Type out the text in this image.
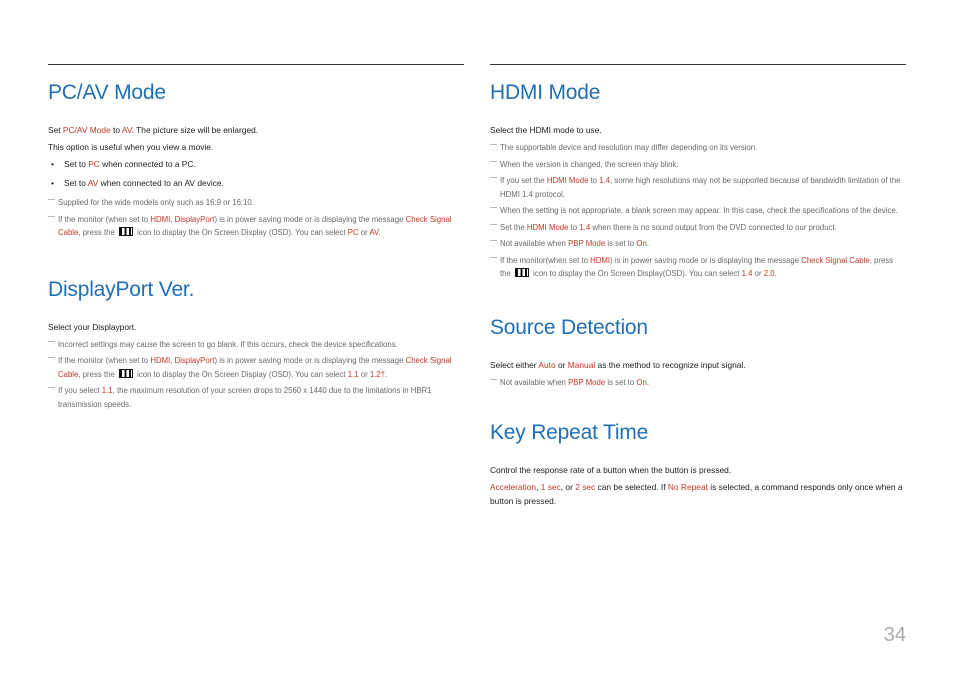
PC/AV Mode

Set PC/AV Mode to AV. The picture size will be enlarged.

This option is useful when you view a movie.

• Set to PC when connected to a PC.
• Set to AV when connected to an AV device.
— Supplied for the wide models only such as 16:9 or 16:10.
— If the monitor (when set to HDMI, DisplayPort) is in power saving mode or is displaying the message Check Signal Cable, press the  icon to display the On Screen Display (OSD). You can select PC or AV.
DisplayPort Ver.

Select your Displayport.

— Incorrect settings may cause the screen to go blank. If this occurs, check the device specifications.
— If the monitor (when set to HDMI, DisplayPort) is in power saving mode or is displaying the message Check Signal Cable, press the  icon to display the On Screen Display (OSD). You can select 1.1 or 1.2†.
— If you select 1.1, the maximum resolution of your screen drops to 2560 x 1440 due to the limitations in HBR1 transmission speeds.
HDMI Mode

Select the HDMI mode to use.

— The supportable device and resolution may differ depending on its version.
— When the version is changed, the screen may blink.
— If you set the HDMI Mode to 1.4, some high resolutions may not be supported because of bandwidth limitation of the HDMI 1.4 protocol.
— When the setting is not appropriate, a blank screen may appear. In this case, check the specifications of the device.
— Set the HDMI Mode to 1.4 when there is no sound output from the DVD connected to our product.
— Not available when PBP Mode is set to On.
— If the monitor(when set to HDMI) is in power saving mode or is displaying the message Check Signal Cable, press the  icon to display the On Screen Display(OSD). You can select 1.4 or 2.0.
Source Detection

Select either Auto or Manual as the method to recognize input signal.

— Not available when PBP Mode is set to On.
Key Repeat Time

Control the response rate of a button when the button is pressed.

Acceleration, 1 sec, or 2 sec can be selected. If No Repeat is selected, a command responds only once when a button is pressed.

34
